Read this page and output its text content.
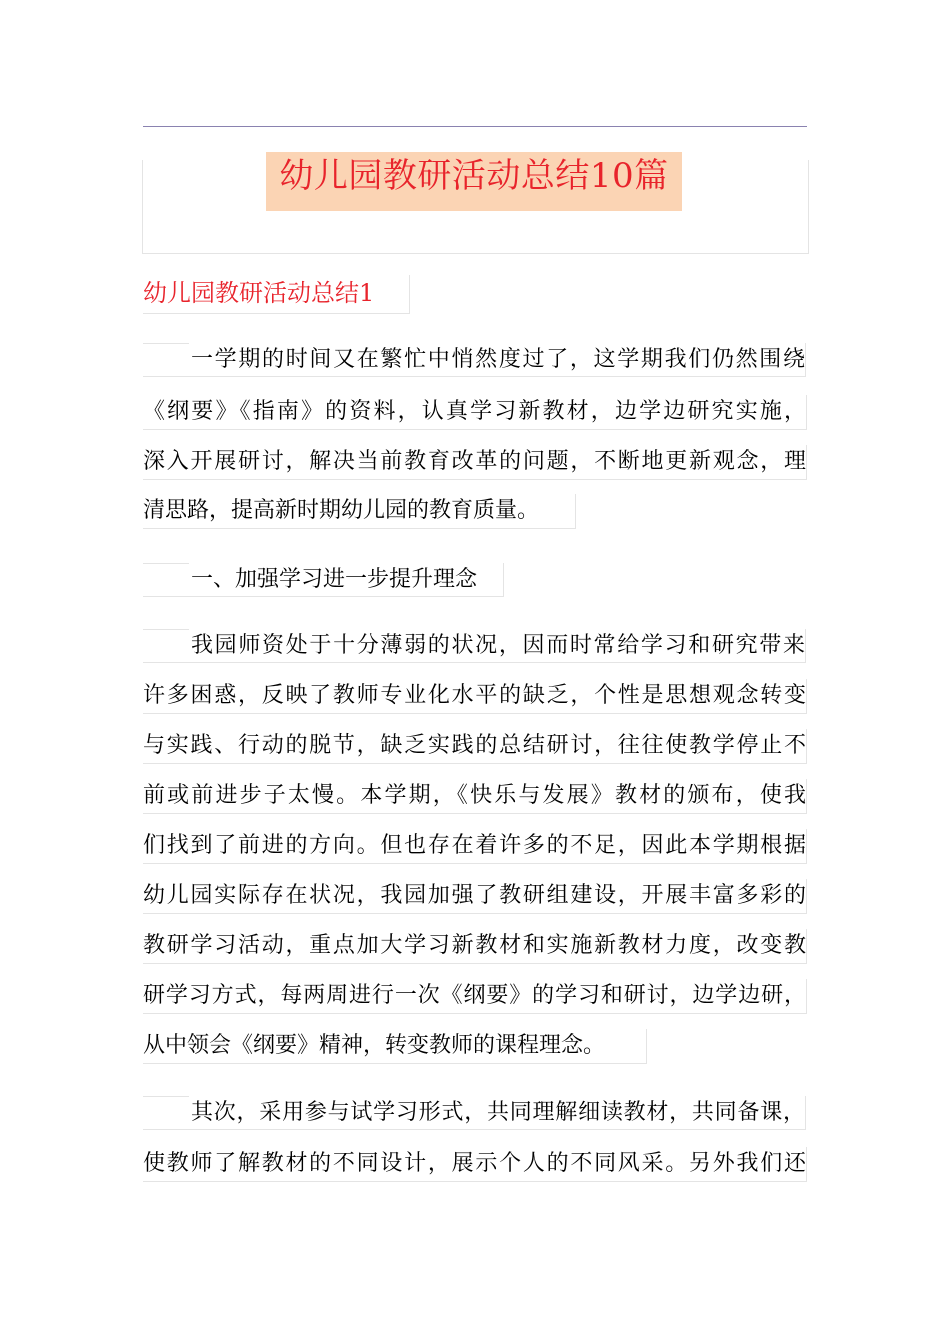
幼儿园教研活动总结10篇
幼儿园教研活动总结1
一学期的时间又在繁忙中悄然度过了，这学期我们仍然围绕
《纲要》《指南》的资料，认真学习新教材，边学边研究实施，
深入开展研讨，解决当前教育改革的问题，不断地更新观念，理
清思路，提高新时期幼儿园的教育质量。
一、加强学习进一步提升理念
我园师资处于十分薄弱的状况，因而时常给学习和研究带来
许多困惑，反映了教师专业化水平的缺乏，个性是思想观念转变
与实践、行动的脱节，缺乏实践的总结研讨，往往使教学停止不
前或前进步子太慢。本学期，《快乐与发展》教材的颁布，使我
们找到了前进的方向。但也存在着许多的不足，因此本学期根据
幼儿园实际存在状况，我园加强了教研组建设，开展丰富多彩的
教研学习活动，重点加大学习新教材和实施新教材力度，改变教
研学习方式，每两周进行一次《纲要》的学习和研讨，边学边研，
从中领会《纲要》精神，转变教师的课程理念。
其次，采用参与试学习形式，共同理解细读教材，共同备课，
使教师了解教材的不同设计，展示个人的不同风采。另外我们还
